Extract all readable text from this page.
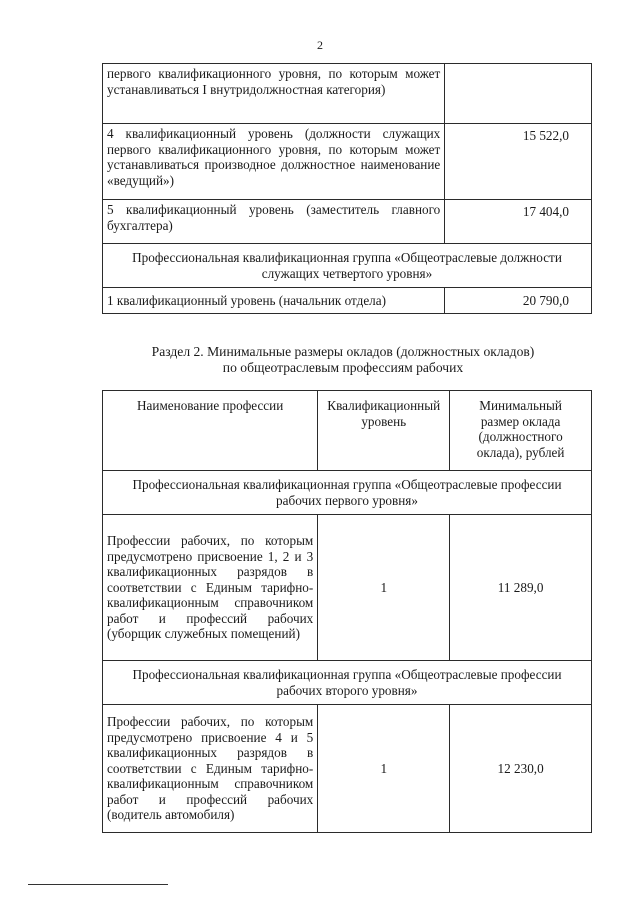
2
первого квалификационного уровня, по которым может устанавливаться I внутридолжностная категория)	
4 квалификационный уровень (должности служащих первого квалификационного уровня, по которым может устанавливаться производное должностное наименование «ведущий»)	15 522,0
5 квалификационный уровень (заместитель главного бухгалтера)	17 404,0
Профессиональная квалификационная группа «Общеотраслевые должности служащих четвертого уровня»	
1 квалификационный уровень (начальник отдела)	20 790,0
Раздел 2. Минимальные размеры окладов (должностных окладов)
по общеотраслевым профессиям рабочих
Наименование профессии	Квалификационный уровень	Минимальный размер оклада (должностного оклада), рублей
Профессиональная квалификационная группа «Общеотраслевые профессии рабочих первого уровня»		
Профессии рабочих, по которым предусмотрено присвоение 1, 2 и 3 квалификационных разрядов в соответствии с Единым тарифно-квалификационным справочником работ и профессий рабочих (уборщик служебных помещений)	1	11 289,0
Профессиональная квалификационная группа «Общеотраслевые профессии рабочих второго уровня»		
Профессии рабочих, по которым предусмотрено присвоение 4 и 5 квалификационных разрядов в соответствии с Единым тарифно-квалификационным справочником работ и профессий рабочих (водитель автомобиля)	1	12 230,0
